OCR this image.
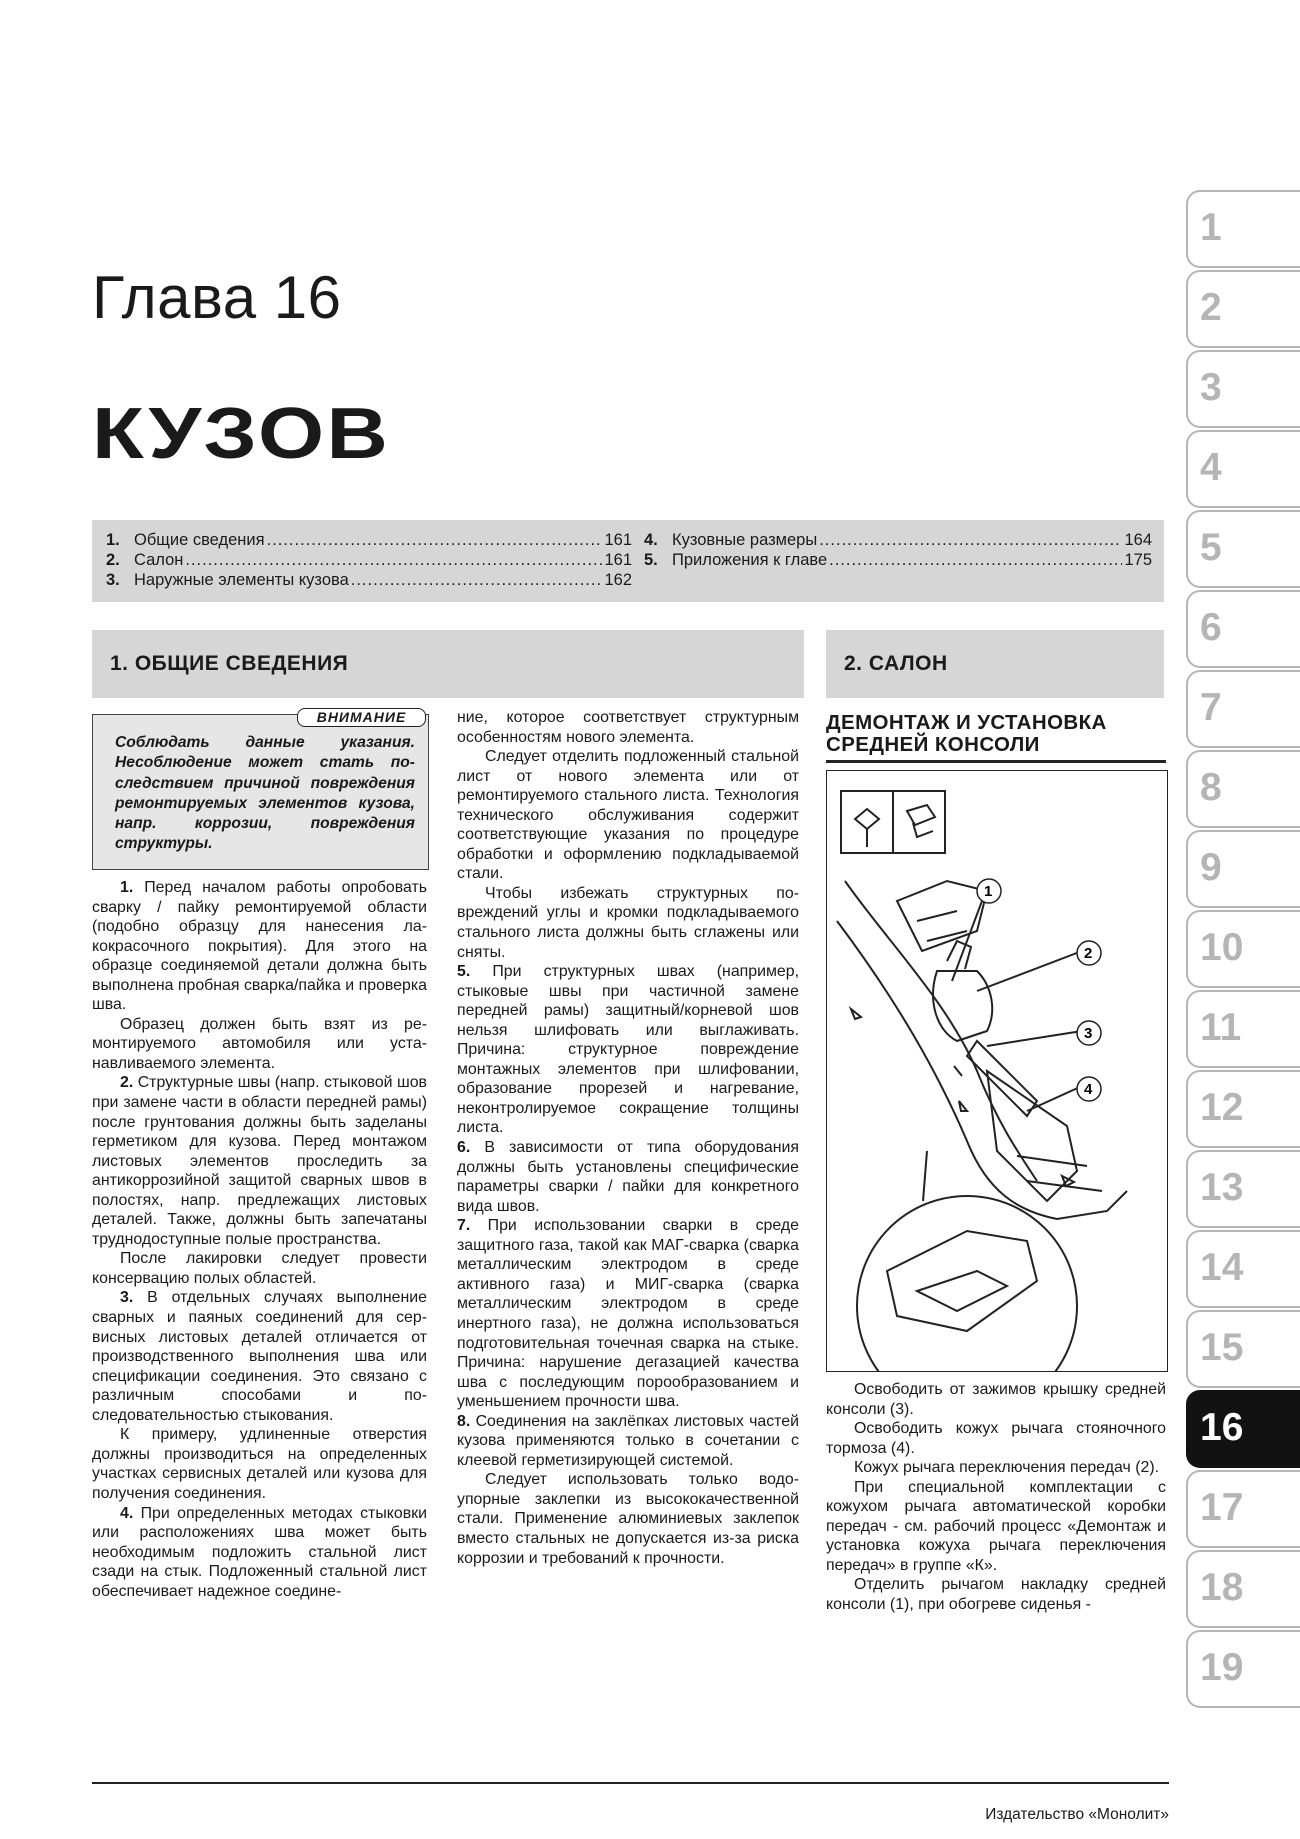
Глава 16
КУЗОВ
1. Общие сведения .....	161
2. Салон .....	161
3. Наружные элементы кузова .....	162
4. Кузовные размеры .....	164
5. Приложения к главе .....	175
1. ОБЩИЕ СВЕДЕНИЯ	2. САЛОН
ВНИМАНИЕ
Соблюдать данные указания. Несоблюдение может стать последствием причиной повреждения ремонтируемых элементов кузова, напр. коррозии, повреждения структуры.

1. Перед началом работы опробовать сварку / пайку ремонтируемой области (подобно образцу для нанесения лакокрасочного покрытия). Для этого на образце соединяемой детали должна быть выполнена пробная сварка/пайка и проверка шва.

Образец должен быть взят из ремонтируемого автомобиля или устанавливаемого элемента.

2. Структурные швы (напр. стыковой шов при замене части в области передней рамы) после грунтования должны быть заделаны герметиком для кузова. Перед монтажом листовых элементов проследить за антикоррозийной защитой сварных швов в полостях, напр. предлежащих листовых деталей. Также, должны быть запечатаны труднодоступные полые пространства.

После лакировки следует провести консервацию полых областей.

3. В отдельных случаях выполнение сварных и паяных соединений для сервисных листовых деталей отличается от производственного выполнения шва или спецификации соединения. Это связано с различным способами и последовательностью стыкования.

К примеру, удлиненные отверстия должны производиться на определенных участках сервисных деталей или кузова для получения соединения.

4. При определенных методах стыковки или расположениях шва может быть необходимым подложить стальной лист сзади на стык. Подложенный стальной лист обеспечивает надежное соедине-

ние, которое соответствует структурным особенностям нового элемента.

Следует отделить подложенный стальной лист от нового элемента или от ремонтируемого стального листа. Технология технического обслуживания содержит соответствующие указания по процедуре обработки и оформлению подкладываемой стали.

Чтобы избежать структурных повреждений углы и кромки подкладываемого стального листа должны быть сглажены или сняты.

5. При структурных швах (например, стыковые швы при частичной замене передней рамы) защитный/корневой шов нельзя шлифовать или выглаживать. Причина: структурное повреждение монтажных элементов при шлифовании, образование прорезей и нагревание, неконтролируемое сокращение толщины листа.

6. В зависимости от типа оборудования должны быть установлены специфические параметры сварки / пайки для конкретного вида швов.

7. При использовании сварки в среде защитного газа, такой как МАГ-сварка (сварка металлическим электродом в среде активного газа) и МИГ-сварка (сварка металлическим электродом в среде инертного газа), не должна использоваться подготовительная точечная сварка на стыке. Причина: нарушение дегазацией качества шва с последующим порообразованием и уменьшением прочности шва.

8. Соединения на заклёпках листовых частей кузова применяются только в сочетании с клеевой герметизирующей системой.

Следует использовать только водоупорные заклепки из высококачественной стали. Применение алюминиевых заклепок вместо стальных не допускается из-за риска коррозии и требований к прочности.

ДЕМОНТАЖ И УСТАНОВКА СРЕДНЕЙ КОНСОЛИ
1
2
3
4

Освободить от зажимов крышку средней консоли (3).

Освободить кожух рычага стояночного тормоза (4).

Кожух рычага переключения передач (2).

При специальной комплектации с кожухом рычага автоматической коробки передач - см. рабочий процесс «Демонтаж и установка кожуха рычага переключения передач» в группе «К».

Отделить рычагом накладку средней консоли (1), при обогреве сиденья -

1
2
3
4
5
6
7
8
9
10
11
12
13
14
15
16
17
18
19
Издательство «Монолит»
